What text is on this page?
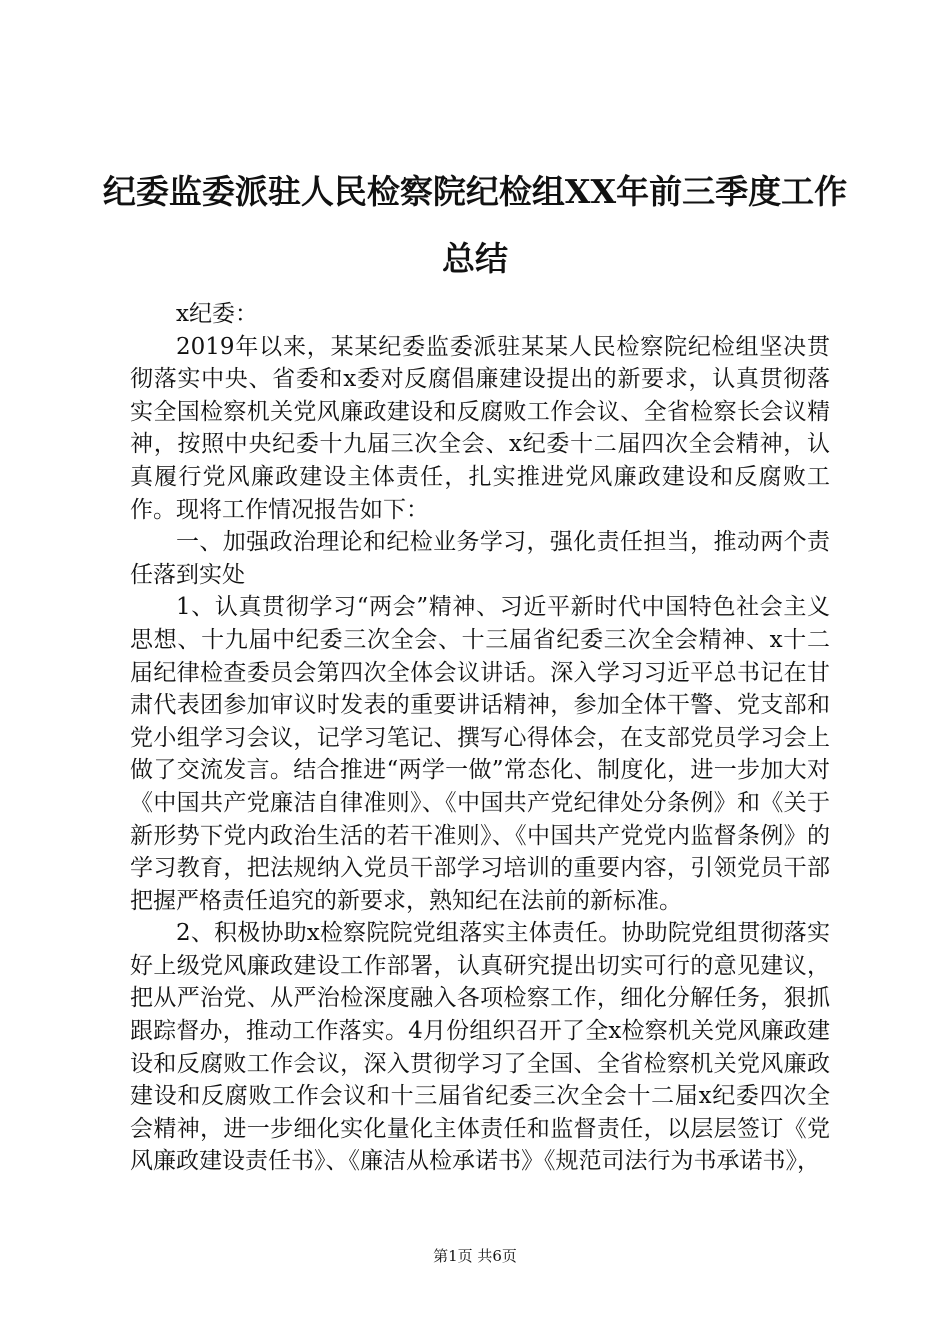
纪委监委派驻人民检察院纪检组XX年前三季度工作总结

x纪委：

2019年以来，某某纪委监委派驻某某人民检察院纪检组坚决贯彻落实中央、省委和x委对反腐倡廉建设提出的新要求，认真贯彻落实全国检察机关党风廉政建设和反腐败工作会议、全省检察长会议精神，按照中央纪委十九届三次全会、x纪委十二届四次全会精神，认真履行党风廉政建设主体责任，扎实推进党风廉政建设和反腐败工作。现将工作情况报告如下：

一、加强政治理论和纪检业务学习，强化责任担当，推动两个责任落到实处

1、认真贯彻学习“两会”精神、习近平新时代中国特色社会主义思想、十九届中纪委三次全会、十三届省纪委三次全会精神、x十二届纪律检查委员会第四次全体会议讲话。深入学习习近平总书记在甘肃代表团参加审议时发表的重要讲话精神，参加全体干警、党支部和党小组学习会议，记学习笔记、撰写心得体会，在支部党员学习会上做了交流发言。结合推进“两学一做”常态化、制度化，进一步加大对《中国共产党廉洁自律准则》、《中国共产党纪律处分条例》和《关于新形势下党内政治生活的若干准则》、《中国共产党党内监督条例》的学习教育，把法规纳入党员干部学习培训的重要内容，引领党员干部把握严格责任追究的新要求，熟知纪在法前的新标准。

2、积极协助x检察院院党组落实主体责任。协助院党组贯彻落实好上级党风廉政建设工作部署，认真研究提出切实可行的意见建议，把从严治党、从严治检深度融入各项检察工作，细化分解任务，狠抓跟踪督办，推动工作落实。4月份组织召开了全x检察机关党风廉政建设和反腐败工作会议，深入贯彻学习了全国、全省检察机关党风廉政建设和反腐败工作会议和十三届省纪委三次全会十二届x纪委四次全会精神，进一步细化实化量化主体责任和监督责任，以层层签订《党风廉政建设责任书》、《廉洁从检承诺书》《规范司法行为书承诺书》，

第1页 共6页
